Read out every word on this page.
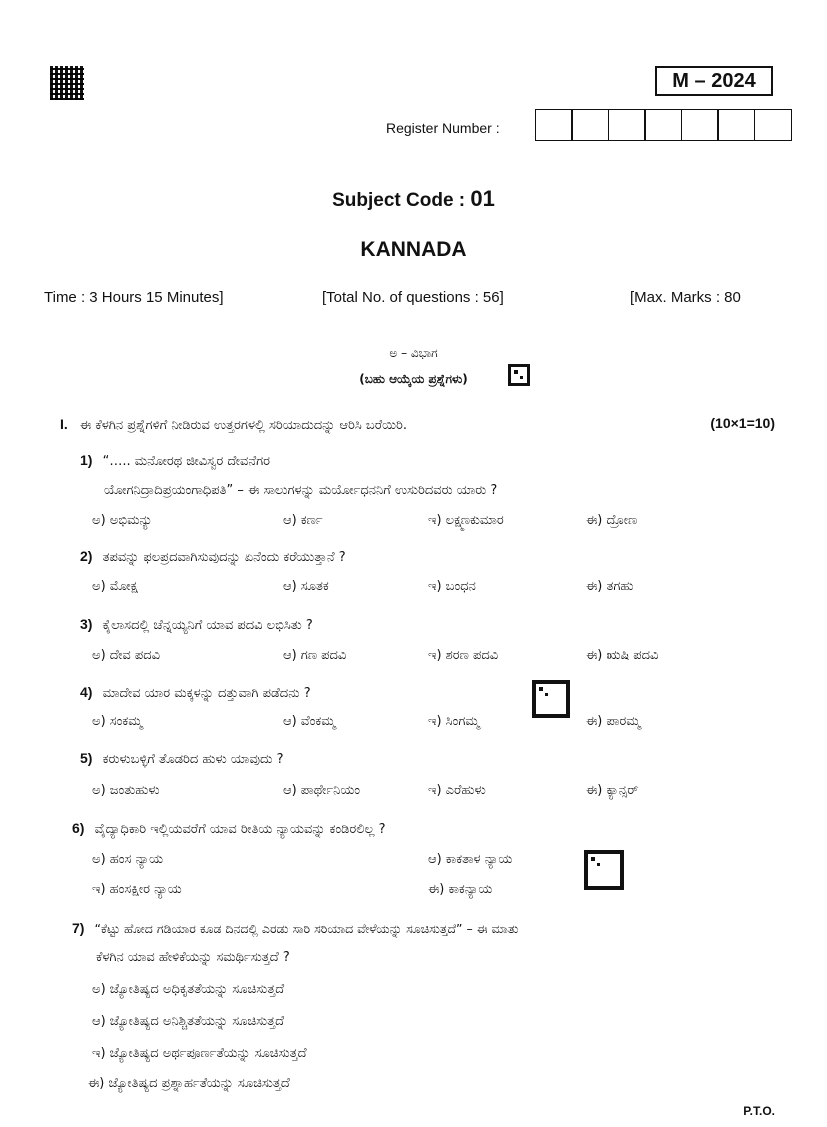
M – 2024
Register Number :
Subject Code : 01
KANNADA
Time : 3 Hours 15 Minutes]	[Total No. of questions : 56]	[Max. Marks : 80
ಅ – ವಿಭಾಗ
(ಬಹು ಆಯ್ಕೆಯ ಪ್ರಶ್ನೆಗಳು)
I. ಈ ಕೆಳಗಿನ ಪ್ರಶ್ನೆಗಳಿಗೆ ನೀಡಿರುವ ಉತ್ತರಗಳಲ್ಲಿ ಸರಿಯಾದುದನ್ನು ಆರಿಸಿ ಬರೆಯಿರಿ.	(10×1=10)
1) “….. ಮನೋರಥ ಜೀವಿಸ್ವರ ದೇವನೆಗರ
ಯೋಗನಿದ್ರಾದಿಪ್ರಯಂಗಾಧಿಪತಿ” – ಈ ಸಾಲುಗಳನ್ನು ಮರ್ಯೋಧನನಿಗೆ ಉಸುರಿದವರು ಯಾರು ?
ಅ) ಅಭಿಮನ್ಯು	ಆ) ಕರ್ಣ	ಇ) ಲಕ್ಷ್ಮಣಕುಮಾರ	ಈ) ದ್ರೋಣ
2) ತಪವನ್ನು ಫಲಪ್ರದವಾಗಿಸುವುದನ್ನು ಏನೆಂದು ಕರೆಯುತ್ತಾನೆ ?
ಅ) ಮೋಕ್ಷ	ಆ) ಸೂತಕ	ಇ) ಬಂಧನ	ಈ) ತಗಹು
3) ಕೈಲಾಸದಲ್ಲಿ ಚೆನ್ನಯ್ಯನಿಗೆ ಯಾವ ಪದವಿ ಲಭಿಸಿತು ?
ಅ) ದೇವ ಪದವಿ	ಆ) ಗಣ ಪದವಿ	ಇ) ಶರಣ ಪದವಿ	ಈ) ಋಷಿ ಪದವಿ
4) ಮಾದೇವ ಯಾರ ಮಕ್ಕಳನ್ನು ದತ್ತುವಾಗಿ ಪಡೆದನು ?
ಅ) ಸಂಕಮ್ಮ	ಆ) ವೆಂಕಮ್ಮ	ಇ) ಸಿಂಗಮ್ಮ	ಈ) ಪಾರಮ್ಮ
5) ಕರುಳುಬಳ್ಳಿಗೆ ತೊಡರಿದ ಹುಳು ಯಾವುದು ?
ಅ) ಜಂತುಹುಳು	ಆ) ಪಾರ್ಥೇನಿಯಂ	ಇ) ಎರೆಹುಳು	ಈ) ಕ್ಯಾನ್ಸರ್
6) ವೈದ್ಯಾಧಿಕಾರಿ ಇಲ್ಲಿಯವರೆಗೆ ಯಾವ ರೀತಿಯ ನ್ಯಾಯವನ್ನು ಕಂಡಿರಲಿಲ್ಲ ?
ಅ) ಹಂಸ ನ್ಯಾಯ	ಆ) ಕಾಕತಾಳ ನ್ಯಾಯ
ಇ) ಹಂಸಕ್ಷೀರ ನ್ಯಾಯ	ಈ) ಕಾಕನ್ಯಾಯ
7) “ಕೆಟ್ಟು ಹೋದ ಗಡಿಯಾರ ಕೂಡ ದಿನದಲ್ಲಿ ಎರಡು ಸಾರಿ ಸರಿಯಾದ ವೇಳೆಯನ್ನು ಸೂಚಿಸುತ್ತದೆ” – ಈ ಮಾತು
ಕೆಳಗಿನ ಯಾವ ಹೇಳಿಕೆಯನ್ನು ಸಮರ್ಥಿಸುತ್ತದೆ ?
ಅ) ಜ್ಯೋತಿಷ್ಯದ ಅಧಿಕೃತತೆಯನ್ನು ಸೂಚಿಸುತ್ತದೆ
ಆ) ಜ್ಯೋತಿಷ್ಯದ ಅನಿಶ್ಚಿತತೆಯನ್ನು ಸೂಚಿಸುತ್ತದೆ
ಇ) ಜ್ಯೋತಿಷ್ಯದ ಅರ್ಥಪೂರ್ಣತೆಯನ್ನು ಸೂಚಿಸುತ್ತದೆ
ಈ) ಜ್ಯೋತಿಷ್ಯದ ಪ್ರಶ್ನಾರ್ಹತೆಯನ್ನು ಸೂಚಿಸುತ್ತದೆ
P.T.O.
